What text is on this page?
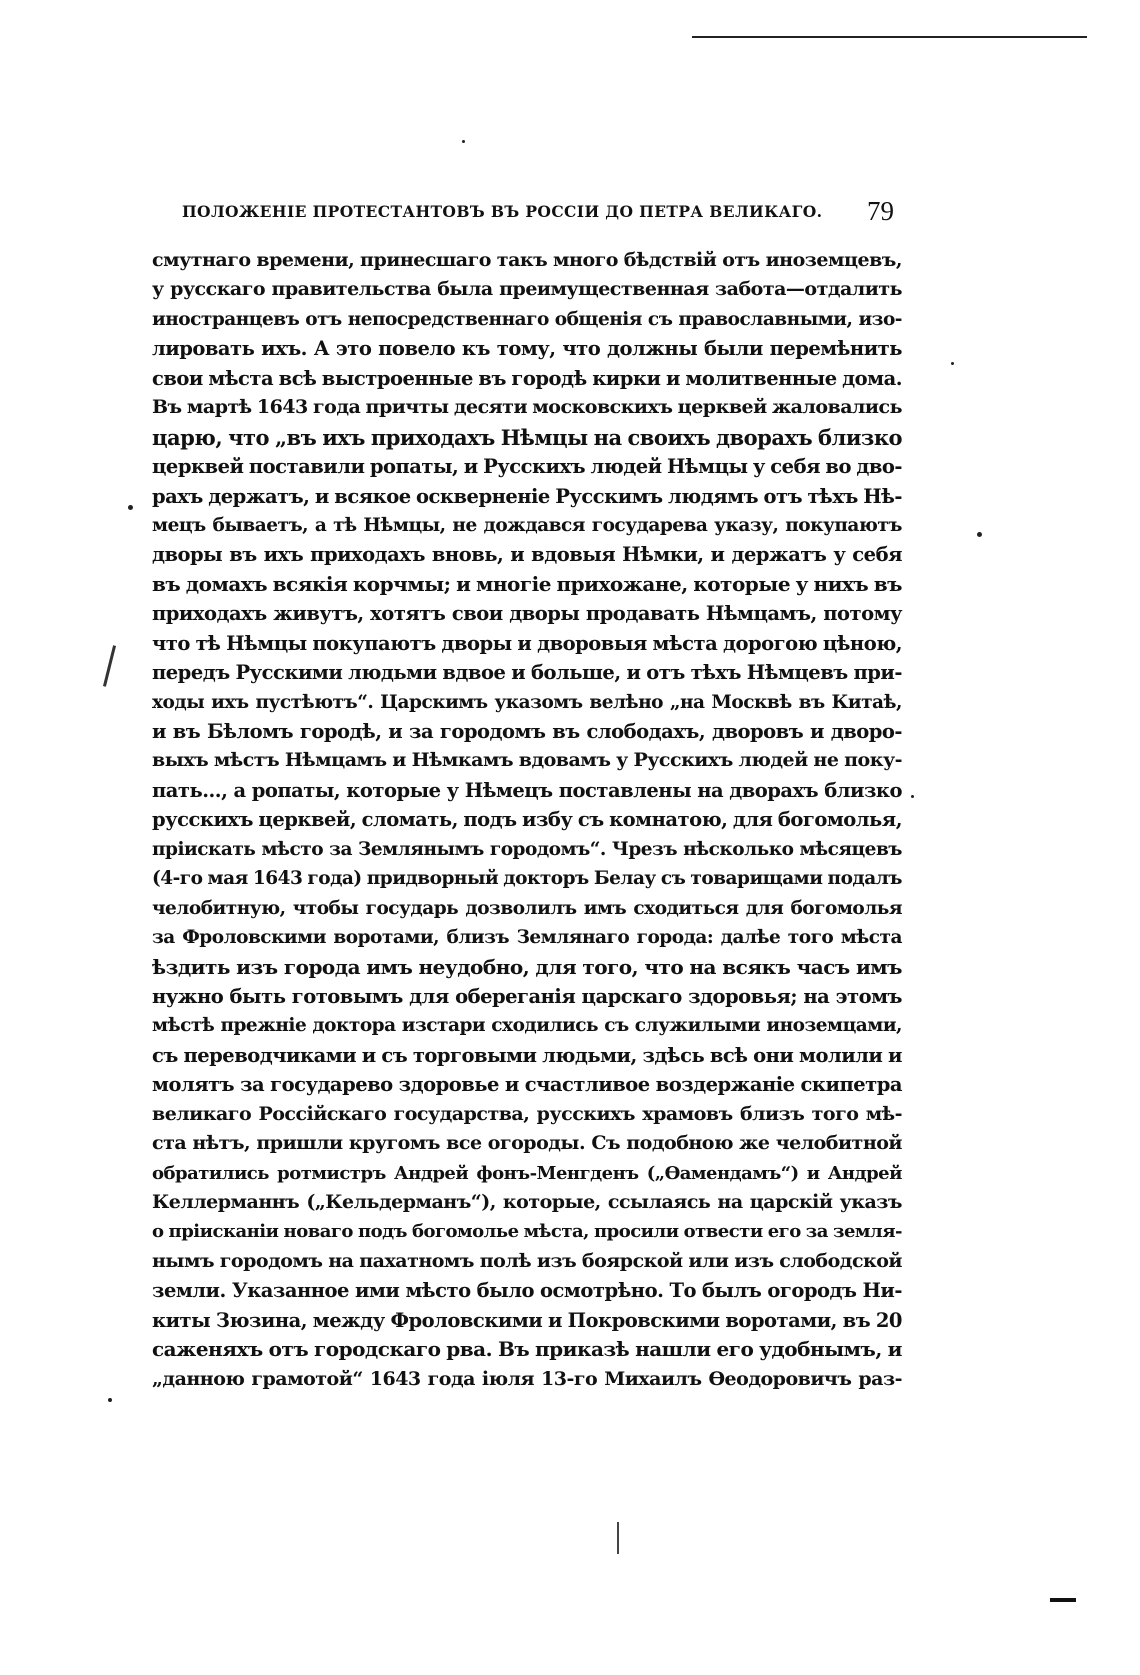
ПОЛОЖЕНІЕ ПРОТЕСТАНТОВЪ ВЪ РОССІИ ДО ПЕТРА ВЕЛИКАГО. 79
смутнаго времени, принесшаго такъ много бѣдствій отъ иноземцевъ,
у русскаго правительства была преимущественная забота—отдалить
иностранцевъ отъ непосредственнаго общенія съ православными, изо-
лировать ихъ. А это повело къ тому, что должны были перемѣнить
свои мѣста всѣ выстроенные въ городѣ кирки и молитвенные дома.
Въ мартѣ 1643 года причты десяти московскихъ церквей жаловались
царю, что „въ ихъ приходахъ Нѣмцы на своихъ дворахъ близко
церквей поставили ропаты, и Русскихъ людей Нѣмцы у себя во дво-
рахъ держатъ, и всякое оскверненіе Русскимъ людямъ отъ тѣхъ Нѣ-
мецъ бываетъ, а тѣ Нѣмцы, не дождався государева указу, покупаютъ
дворы въ ихъ приходахъ вновь, и вдовыя Нѣмки, и держатъ у себя
въ домахъ всякія корчмы; и многіе прихожане, которые у нихъ въ
приходахъ живутъ, хотятъ свои дворы продавать Нѣмцамъ, потому
что тѣ Нѣмцы покупаютъ дворы и дворовыя мѣста дорогою цѣною,
передъ Русскими людьми вдвое и больше, и отъ тѣхъ Нѣмцевъ при-
ходы ихъ пустѣютъ“. Царскимъ указомъ велѣно „на Москвѣ въ Китаѣ,
и въ Бѣломъ городѣ, и за городомъ въ слободахъ, дворовъ и дворо-
выхъ мѣстъ Нѣмцамъ и Нѣмкамъ вдовамъ у Русскихъ людей не поку-
пать..., а ропаты, которые у Нѣмецъ поставлены на дворахъ близко
русскихъ церквей, сломать, подъ избу съ комнатою, для богомолья,
пріискать мѣсто за Землянымъ городомъ“. Чрезъ нѣсколько мѣсяцевъ
(4-го мая 1643 года) придворный докторъ Белау съ товарищами подалъ
челобитную, чтобы государь дозволилъ имъ сходиться для богомолья
за Фроловскими воротами, близъ Землянаго города: далѣе того мѣста
ѣздить изъ города имъ неудобно, для того, что на всякъ часъ имъ
нужно быть готовымъ для обереганія царскаго здоровья; на этомъ
мѣстѣ прежніе доктора изстари сходились съ служилыми иноземцами,
съ переводчиками и съ торговыми людьми, здѣсь всѣ они молили и
молятъ за государево здоровье и счастливое воздержаніе скипетра
великаго Россійскаго государства, русскихъ храмовъ близъ того мѣ-
ста нѣтъ, пришли кругомъ все огороды. Съ подобною же челобитной
обратились ротмистръ Андрей фонъ-Менгденъ („Ѳамендамъ“) и Андрей
Келлерманнъ („Кельдерманъ“), которые, ссылаясь на царскій указъ
о пріисканіи новаго подъ богомолье мѣста, просили отвести его за земля-
нымъ городомъ на пахатномъ полѣ изъ боярской или изъ слободской
земли. Указанное ими мѣсто было осмотрѣно. То былъ огородъ Ни-
киты Зюзина, между Фроловскими и Покровскими воротами, въ 20
саженяхъ отъ городскаго рва. Въ приказѣ нашли его удобнымъ, и
„данною грамотой“ 1643 года іюля 13-го Михаилъ Ѳеодоровичъ раз-
